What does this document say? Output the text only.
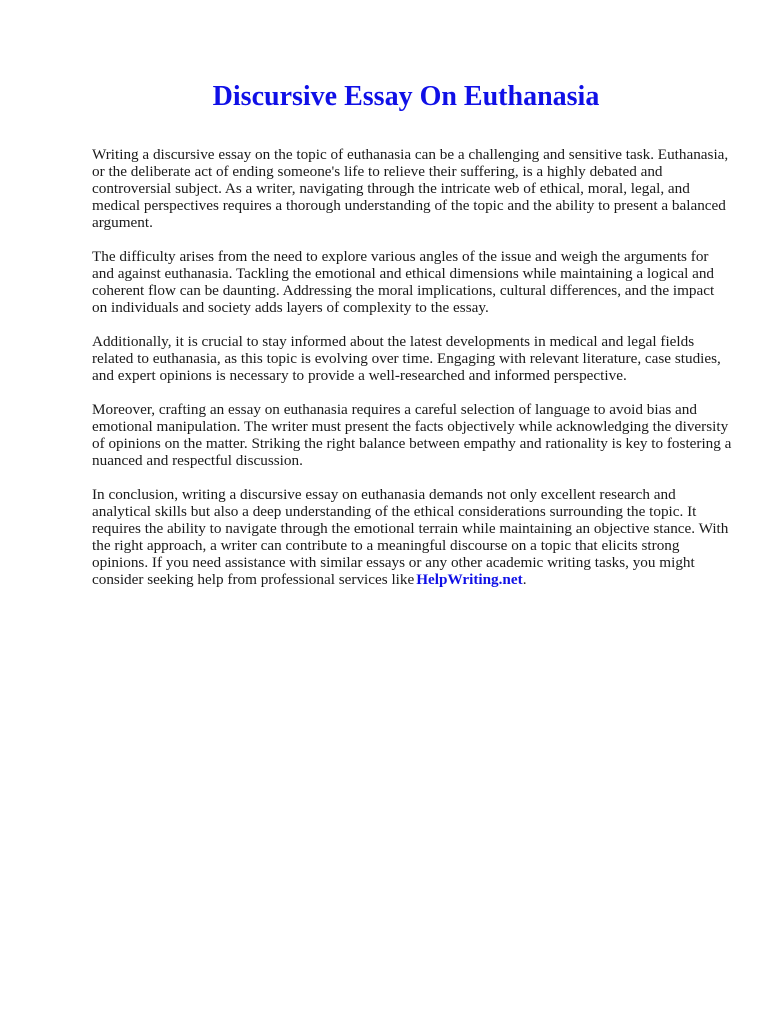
Discursive Essay On Euthanasia

Writing a discursive essay on the topic of euthanasia can be a challenging and sensitive task. Euthanasia, or the deliberate act of ending someone's life to relieve their suffering, is a highly debated and controversial subject. As a writer, navigating through the intricate web of ethical, moral, legal, and medical perspectives requires a thorough understanding of the topic and the ability to present a balanced argument.

The difficulty arises from the need to explore various angles of the issue and weigh the arguments for and against euthanasia. Tackling the emotional and ethical dimensions while maintaining a logical and coherent flow can be daunting. Addressing the moral implications, cultural differences, and the impact on individuals and society adds layers of complexity to the essay.

Additionally, it is crucial to stay informed about the latest developments in medical and legal fields related to euthanasia, as this topic is evolving over time. Engaging with relevant literature, case studies, and expert opinions is necessary to provide a well-researched and informed perspective.

Moreover, crafting an essay on euthanasia requires a careful selection of language to avoid bias and emotional manipulation. The writer must present the facts objectively while acknowledging the diversity of opinions on the matter. Striking the right balance between empathy and rationality is key to fostering a nuanced and respectful discussion.

In conclusion, writing a discursive essay on euthanasia demands not only excellent research and analytical skills but also a deep understanding of the ethical considerations surrounding the topic. It requires the ability to navigate through the emotional terrain while maintaining an objective stance. With the right approach, a writer can contribute to a meaningful discourse on a topic that elicits strong opinions. If you need assistance with similar essays or any other academic writing tasks, you might consider seeking help from professional services like HelpWriting.net.
